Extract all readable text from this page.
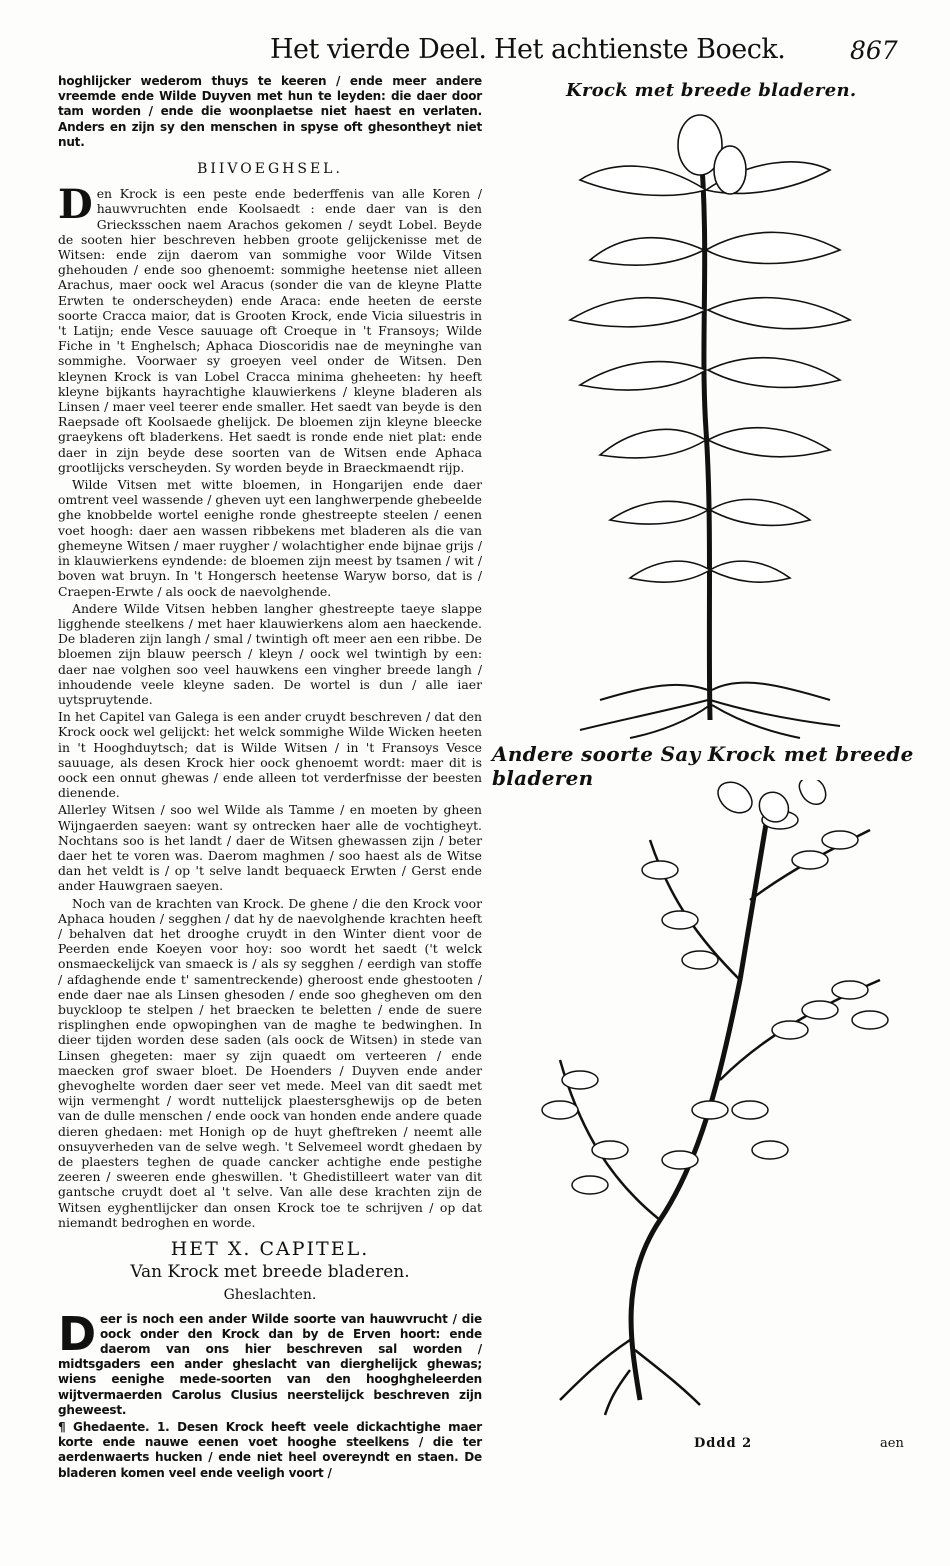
Het vierde Deel. Het achtienste Boeck.	867

hoghlijcker wederom thuys te keeren / ende meer andere vreemde ende Wilde Duyven met hun te leyden: die daer door tam worden / ende die woonplaetse niet haest en verlaten. Anders en zijn sy den menschen in spyse oft ghesontheyt niet nut.

BIIVOEGHSEL.

Den Krock is een peste ende bederffenis van alle Koren / hauwvruchten ende Koolsaedt : ende daer van is den Griecksschen naem Arachos gekomen / seydt Lobel. Beyde de sooten hier beschreven hebben groote gelijckenisse met de Witsen: ende zijn daerom van sommighe voor Wilde Vitsen ghehouden / ende soo ghenoemt: sommighe heetense niet alleen Arachus, maer oock wel Aracus (sonder die van de kleyne Platte Erwten te onderscheyden) ende Araca: ende heeten de eerste soorte Cracca maior, dat is Grooten Krock, ende Vicia siluestris in 't Latijn; ende Vesce sauuage oft Croeque in 't Fransoys; Wilde Fiche in 't Enghelsch; Aphaca Dioscoridis nae de meyninghe van sommighe. Voorwaer sy groeyen veel onder de Witsen. Den kleynen Krock is van Lobel Cracca minima gheheeten: hy heeft kleyne bijkants hayrachtighe klauwierkens / kleyne bladeren als Linsen / maer veel teerer ende smaller. Het saedt van beyde is den Raepsade oft Koolsaede ghelijck. De bloemen zijn kleyne bleecke graeykens oft bladerkens. Het saedt is ronde ende niet plat: ende daer in zijn beyde dese soorten van de Witsen ende Aphaca grootlijcks verscheyden. Sy worden beyde in Braeckmaendt rijp.

Wilde Vitsen met witte bloemen, in Hongarijen ende daer omtrent veel wassende / gheven uyt een langhwerpende ghebeelde ghe knobbelde wortel eenighe ronde ghestreepte steelen / eenen voet hoogh: daer aen wassen ribbekens met bladeren als die van ghemeyne Witsen / maer ruygher / wolachtigher ende bijnae grijs / in klauwierkens eyndende: de bloemen zijn meest by tsamen / wit / boven wat bruyn. In 't Hongersch heetense Waryw borso, dat is / Craepen-Erwte / als oock de naevolghende.

Andere Wilde Vitsen hebben langher ghestreepte taeye slappe ligghende steelkens / met haer klauwierkens alom aen haeckende. De bladeren zijn langh / smal / twintigh oft meer aen een ribbe. De bloemen zijn blauw peersch / kleyn / oock wel twintigh by een: daer nae volghen soo veel hauwkens een vingher breede langh / inhoudende veele kleyne saden. De wortel is dun / alle iaer uytspruytende.

In het Capitel van Galega is een ander cruydt beschreven / dat den Krock oock wel gelijckt: het welck sommighe Wilde Wicken heeten in 't Hooghduytsch; dat is Wilde Witsen / in 't Fransoys Vesce sauuage, als desen Krock hier oock ghenoemt wordt: maer dit is oock een onnut ghewas / ende alleen tot verderfnisse der beesten dienende.

Allerley Witsen / soo wel Wilde als Tamme / en moeten by gheen Wijngaerden saeyen: want sy ontrecken haer alle de vochtigheyt. Nochtans soo is het landt / daer de Witsen ghewassen zijn / beter daer het te voren was. Daerom maghmen / soo haest als de Witse dan het veldt is / op 't selve landt bequaeck Erwten / Gerst ende ander Hauwgraen saeyen.

Noch van de krachten van Krock. De ghene / die den Krock voor Aphaca houden / segghen / dat hy de naevolghende krachten heeft / behalven dat het drooghe cruydt in den Winter dient voor de Peerden ende Koeyen voor hoy: soo wordt het saedt ('t welck onsmaeckelijck van smaeck is / als sy segghen / eerdigh van stoffe / afdaghende ende t' samentreckende) gheroost ende ghestooten / ende daer nae als Linsen ghesoden / ende soo ghegheven om den buyckloop te stelpen / het braecken te beletten / ende de suere risplinghen ende opwopinghen van de maghe te bedwinghen. In dieer tijden worden dese saden (als oock de Witsen) in stede van Linsen ghegeten: maer sy zijn quaedt om verteeren / ende maecken grof swaer bloet. De Hoenders / Duyven ende ander ghevoghelte worden daer seer vet mede. Meel van dit saedt met wijn vermenght / wordt nuttelijck plaestersghewijs op de beten van de dulle menschen / ende oock van honden ende andere quade dieren ghedaen: met Honigh op de huyt gheftreken / neemt alle onsuyverheden van de selve wegh. 't Selvemeel wordt ghedaen by de plaesters teghen de quade cancker achtighe ende pestighe zeeren / sweeren ende gheswillen. 't Ghedistilleert water van dit gantsche cruydt doet al 't selve. Van alle dese krachten zijn de Witsen eyghentlijcker dan onsen Krock toe te schrijven / op dat niemandt bedroghen en worde.

HET X. CAPITEL.
Van Krock met breede bladeren.
Gheslachten.

Deer is noch een ander Wilde soorte van hauwvrucht / die oock onder den Krock dan by de Erven hoort: ende daerom van ons hier beschreven sal worden / midtsgaders een ander gheslacht van dierghelijck ghewas; wiens eenighe mede-soorten van den hooghgheleerden wijtvermaerden Carolus Clusius neerstelijck beschreven zijn gheweest.

¶ Ghedaente. 1. Desen Krock heeft veele dickachtighe maer korte ende nauwe eenen voet hooghe steelkens / die ter aerdenwaerts hucken / ende niet heel overeyndt en staen. De bladeren komen veel ende veeligh voort /

Krock met breede bladeren.
Andere soorte Say Krock met breede bladeren
Dddd 2	aen
